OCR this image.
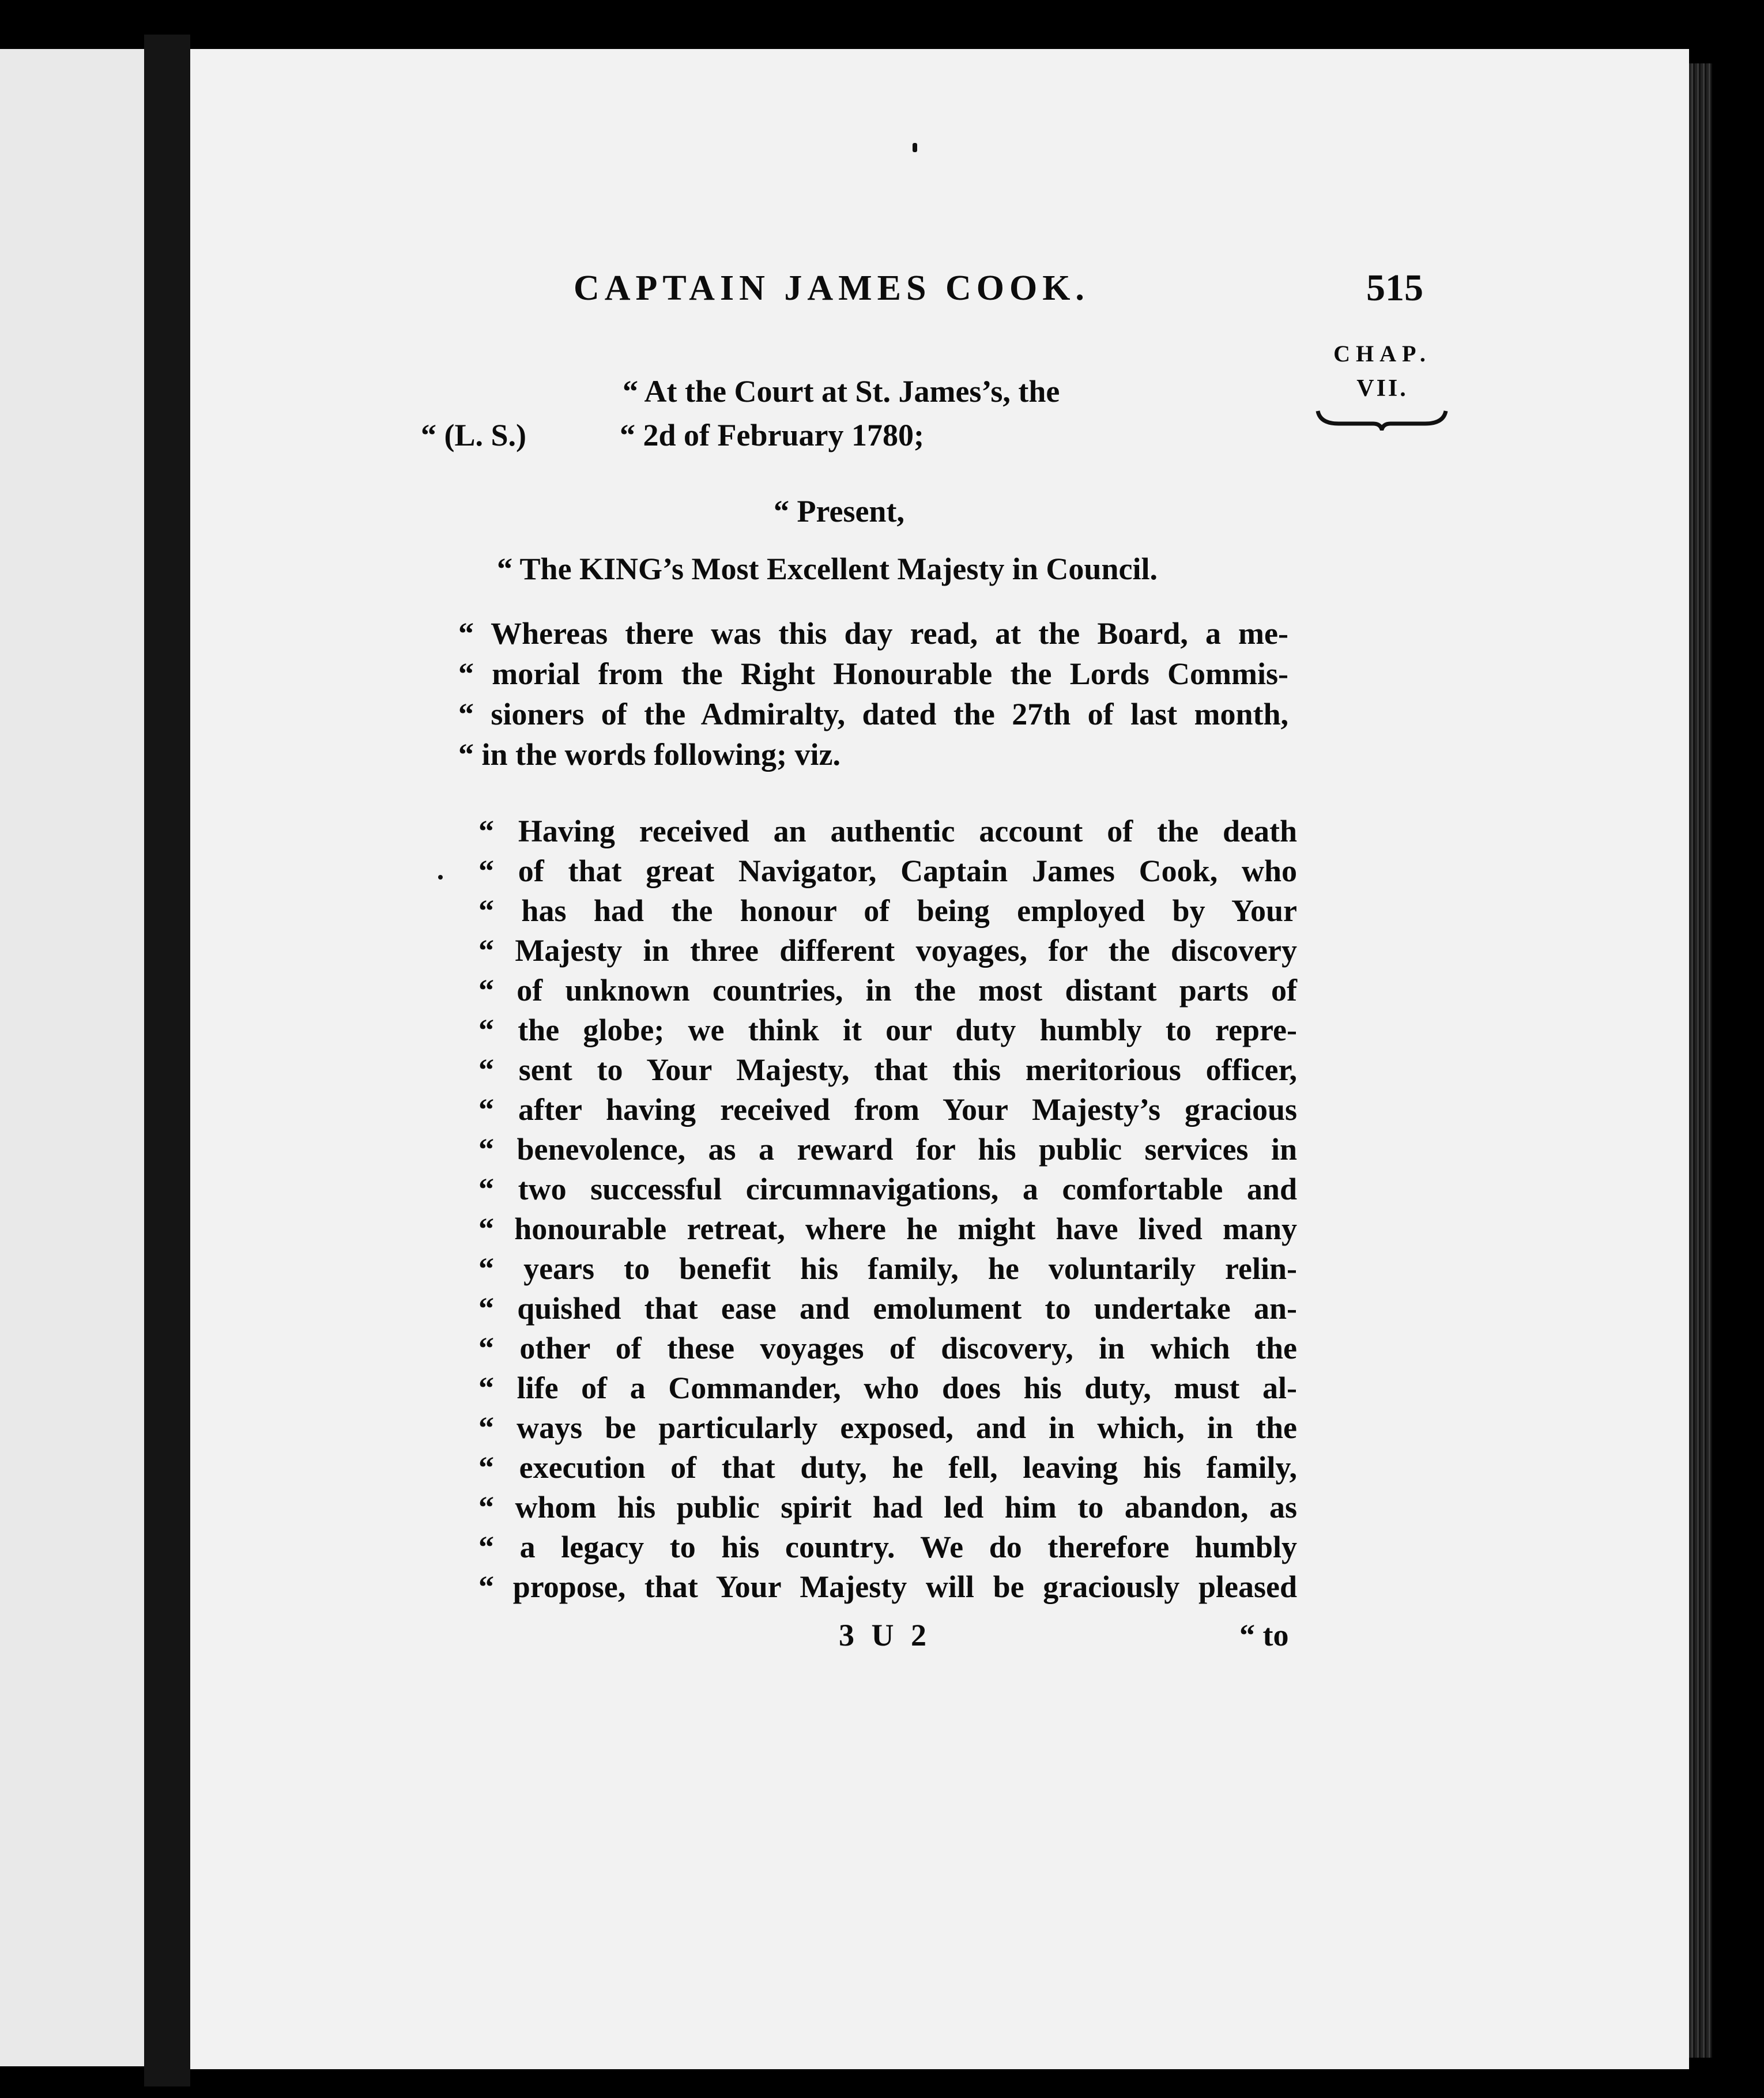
CAPTAIN JAMES COOK.	515
CHAP.
VII.
“ At the Court at St. James’s, the
“ (L. S.)	“ 2d of February 1780;
“ Present,
“ The KING’s Most Excellent Majesty in Council.
“ Whereas there was this day read, at the Board, a me-
“ morial from the Right Honourable the Lords Commis-
“ sioners of the Admiralty, dated the 27th of last month,
“ in the words following; viz.
“ Having received an authentic account of the death
“ of that great Navigator, Captain James Cook, who
“ has had the honour of being employed by Your
“ Majesty in three different voyages, for the discovery
“ of unknown countries, in the most distant parts of
“ the globe; we think it our duty humbly to repre-
“ sent to Your Majesty, that this meritorious officer,
“ after having received from Your Majesty’s gracious
“ benevolence, as a reward for his public services in
“ two successful circumnavigations, a comfortable and
“ honourable retreat, where he might have lived many
“ years to benefit his family, he voluntarily relin-
“ quished that ease and emolument to undertake an-
“ other of these voyages of discovery, in which the
“ life of a Commander, who does his duty, must al-
“ ways be particularly exposed, and in which, in the
“ execution of that duty, he fell, leaving his family,
“ whom his public spirit had led him to abandon, as
“ a legacy to his country. We do therefore humbly
“ propose, that Your Majesty will be graciously pleased
3 U 2	“ to
